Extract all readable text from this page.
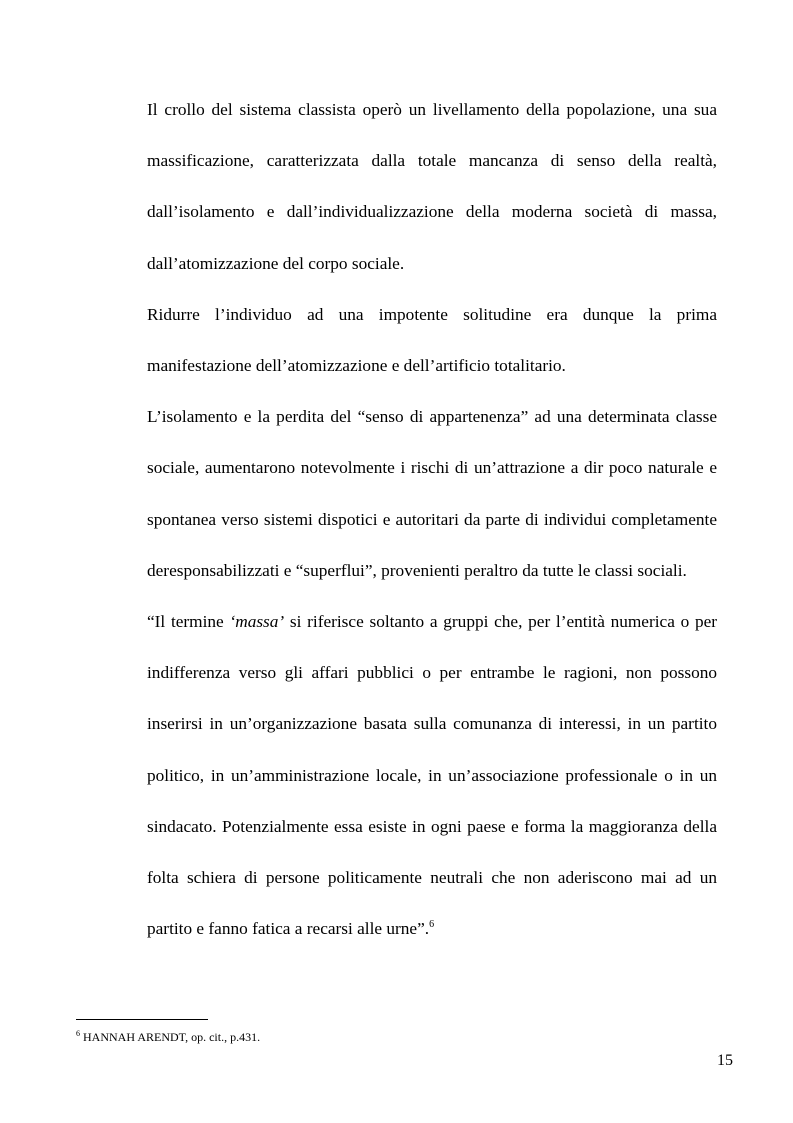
Il crollo del sistema classista operò un livellamento della popolazione, una sua massificazione, caratterizzata dalla totale mancanza di senso della realtà, dall’isolamento e dall’individualizzazione della moderna società di massa, dall’atomizzazione del corpo sociale.

Ridurre l’individuo ad una impotente solitudine era dunque la prima manifestazione dell’atomizzazione e dell’artificio totalitario.

L’isolamento e la perdita del “senso di appartenenza” ad una determinata classe sociale, aumentarono notevolmente i rischi di un’attrazione a dir poco naturale e spontanea verso sistemi dispotici e autoritari da parte di individui completamente deresponsabilizzati e “superflui”, provenienti peraltro da tutte le classi sociali.

“Il termine ‘massa’ si riferisce soltanto a gruppi che, per l’entità numerica o per indifferenza verso gli affari pubblici o per entrambe le ragioni, non possono inserirsi in un’organizzazione basata sulla comunanza di interessi, in un partito politico, in un’amministrazione locale, in un’associazione professionale o in un sindacato. Potenzialmente essa esiste in ogni paese e forma la maggioranza della folta schiera di persone politicamente neutrali che non aderiscono mai ad un partito e fanno fatica a recarsi alle urne”.$^6$

$^6$ HANNAH ARENDT, op. cit., p.431.
15
